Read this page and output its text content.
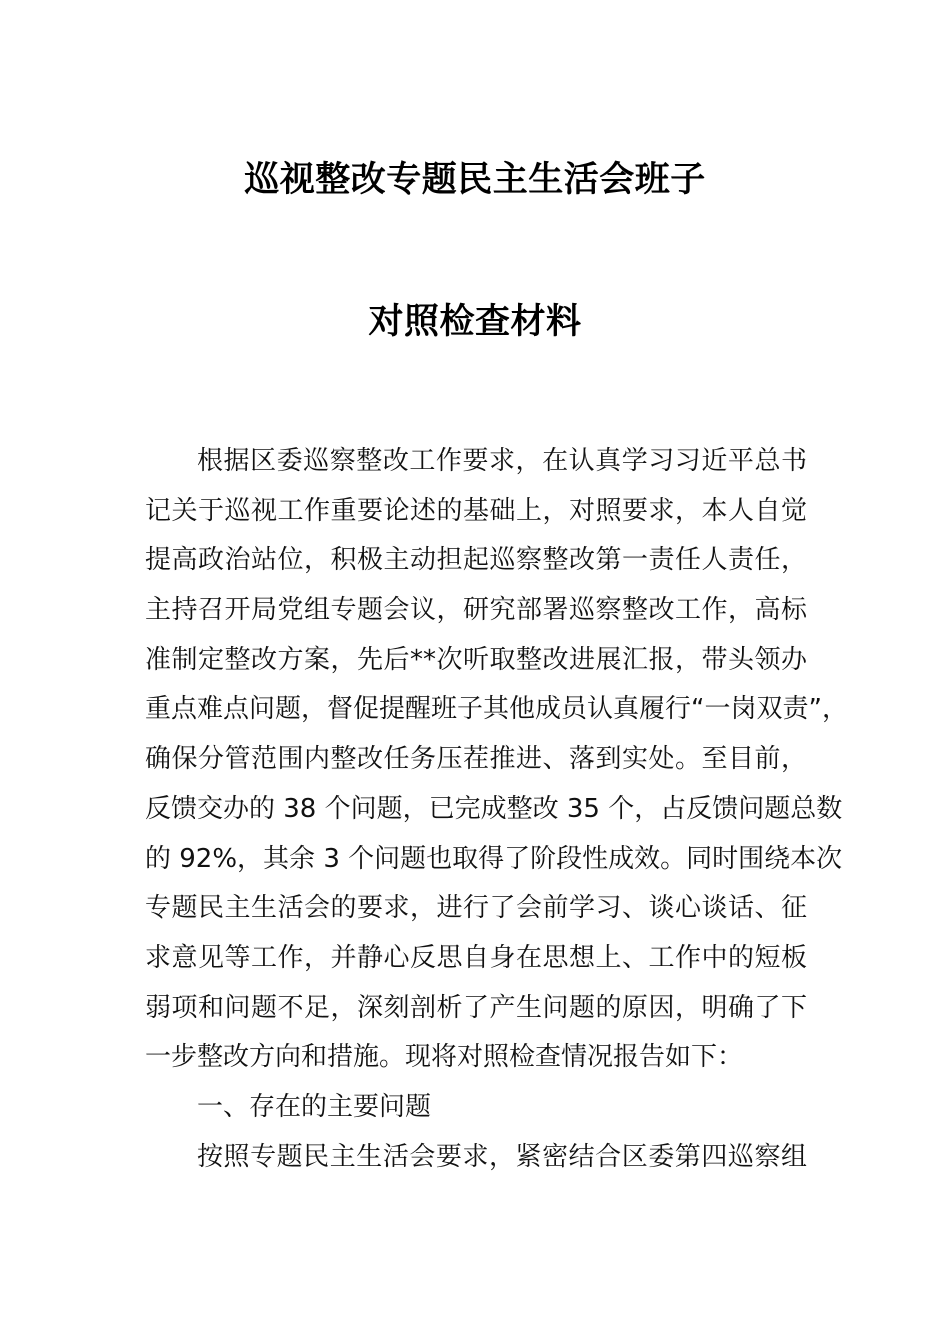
巡视整改专题民主生活会班子
对照检查材料
根据区委巡察整改工作要求，在认真学习习近平总书
记关于巡视工作重要论述的基础上，对照要求，本人自觉
提高政治站位，积极主动担起巡察整改第一责任人责任，
主持召开局党组专题会议，研究部署巡察整改工作，高标
准制定整改方案，先后**次听取整改进展汇报，带头领办
重点难点问题，督促提醒班子其他成员认真履行“一岗双责”，
确保分管范围内整改任务压茬推进、落到实处。至目前，
反馈交办的 38 个问题，已完成整改 35 个，占反馈问题总数
的 92%，其余 3 个问题也取得了阶段性成效。同时围绕本次
专题民主生活会的要求，进行了会前学习、谈心谈话、征
求意见等工作，并静心反思自身在思想上、工作中的短板
弱项和问题不足，深刻剖析了产生问题的原因，明确了下
一步整改方向和措施。现将对照检查情况报告如下：
一、存在的主要问题
按照专题民主生活会要求，紧密结合区委第四巡察组
